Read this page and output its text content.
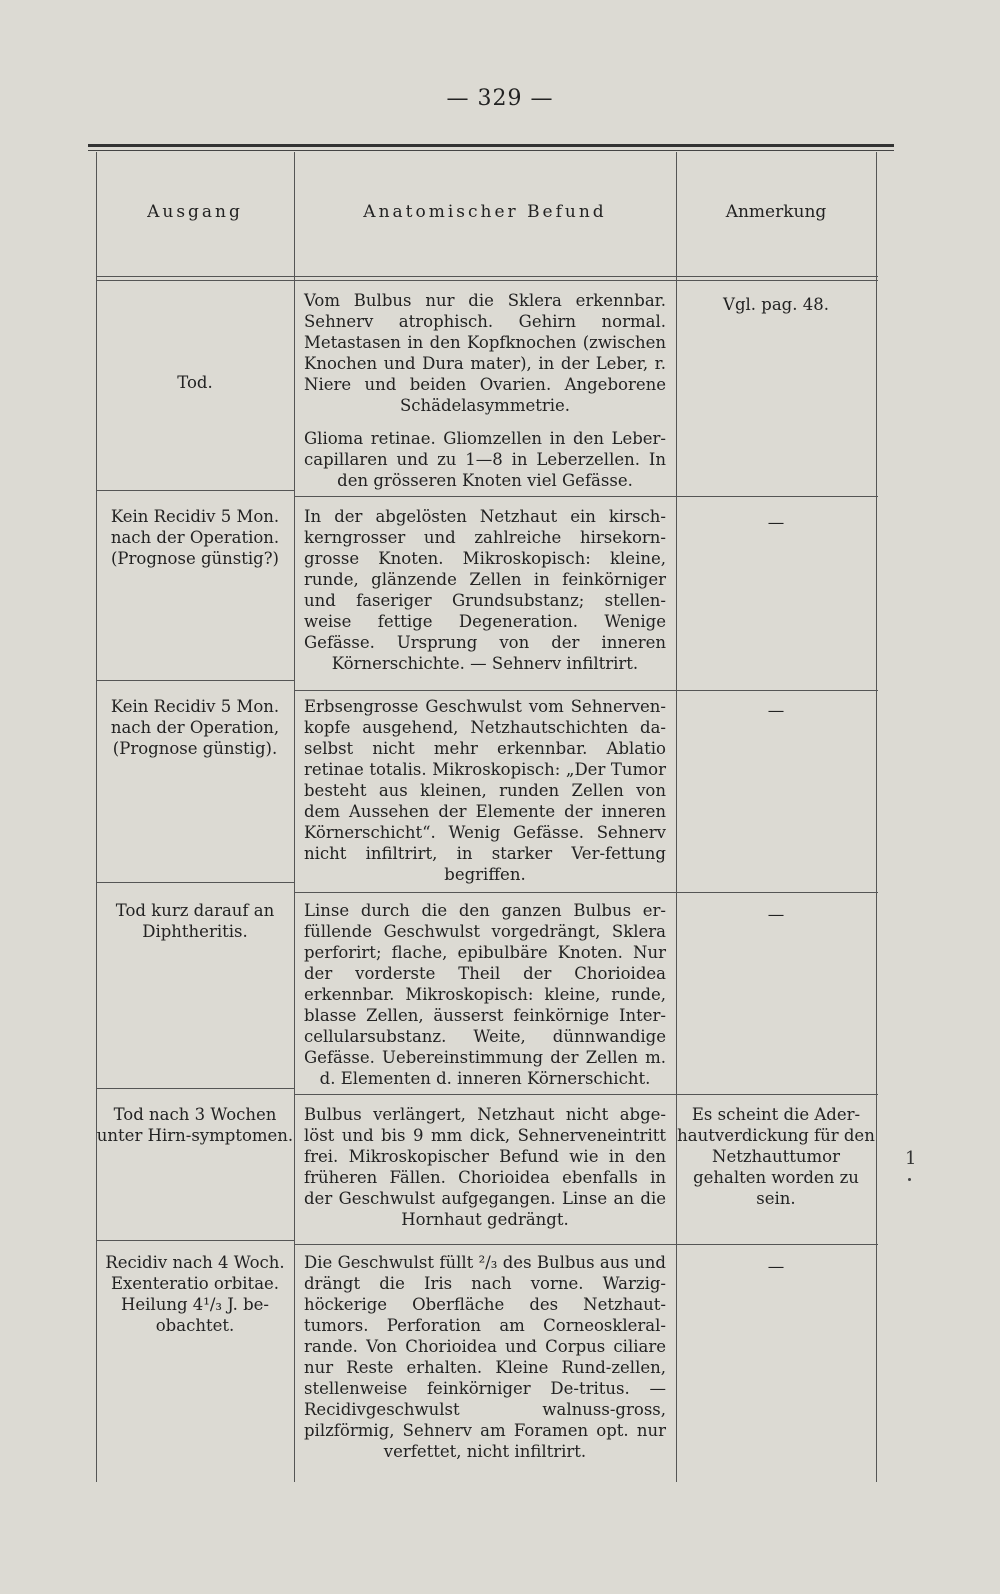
— 329 —
Ausgang	Anatomischer Befund	Anmerkung
Tod.
Vom Bulbus nur die Sklera erkennbar. Sehnerv atrophisch. Gehirn normal. Metastasen in den Kopfknochen (zwischen Knochen und Dura mater), in der Leber, r. Niere und beiden Ovarien. Angeborene Schädelasymmetrie.
Glioma retinae. Gliomzellen in den Leber-capillaren und zu 1—8 in Leberzellen. In den grösseren Knoten viel Gefässe.
Vgl. pag. 48.
Kein Recidiv 5 Mon. nach der Operation. (Prognose günstig?)
In der abgelösten Netzhaut ein kirsch-kerngrosser und zahlreiche hirsekorn-grosse Knoten. Mikroskopisch: kleine, runde, glänzende Zellen in feinkörniger und faseriger Grundsubstanz; stellen-weise fettige Degeneration. Wenige Gefässe. Ursprung von der inneren Körnerschichte. — Sehnerv infiltrirt.
—
Kein Recidiv 5 Mon. nach der Operation, (Prognose günstig).
Erbsengrosse Geschwulst vom Sehnerven-kopfe ausgehend, Netzhautschichten da-selbst nicht mehr erkennbar. Ablatio retinae totalis. Mikroskopisch: „Der Tumor besteht aus kleinen, runden Zellen von dem Aussehen der Elemente der inneren Körnerschicht“. Wenig Gefässe. Sehnerv nicht infiltrirt, in starker Ver-fettung begriffen.
—
Tod kurz darauf an Diphtheritis.
Linse durch die den ganzen Bulbus er-füllende Geschwulst vorgedrängt, Sklera perforirt; flache, epibulbäre Knoten. Nur der vorderste Theil der Chorioidea erkennbar. Mikroskopisch: kleine, runde, blasse Zellen, äusserst feinkörnige Inter-cellularsubstanz. Weite, dünnwandige Gefässe. Uebereinstimmung der Zellen m. d. Elementen d. inneren Körnerschicht.
—
Tod nach 3 Wochen unter Hirn-symptomen.
Bulbus verlängert, Netzhaut nicht abge-löst und bis 9 mm dick, Sehnerveneintritt frei. Mikroskopischer Befund wie in den früheren Fällen. Chorioidea ebenfalls in der Geschwulst aufgegangen. Linse an die Hornhaut gedrängt.
Es scheint die Ader-hautverdickung für den Netzhauttumor gehalten worden zu sein.
Recidiv nach 4 Woch. Exenteratio orbitae. Heilung 4¹/₃ J. be-obachtet.
Die Geschwulst füllt ²/₃ des Bulbus aus und drängt die Iris nach vorne. Warzig-höckerige Oberfläche des Netzhaut-tumors. Perforation am Corneoskleral-rande. Von Chorioidea und Corpus ciliare nur Reste erhalten. Kleine Rund-zellen, stellenweise feinkörniger De-tritus. — Recidivgeschwulst walnuss-gross, pilzförmig, Sehnerv am Foramen opt. nur verfettet, nicht infiltrirt.
—
1
